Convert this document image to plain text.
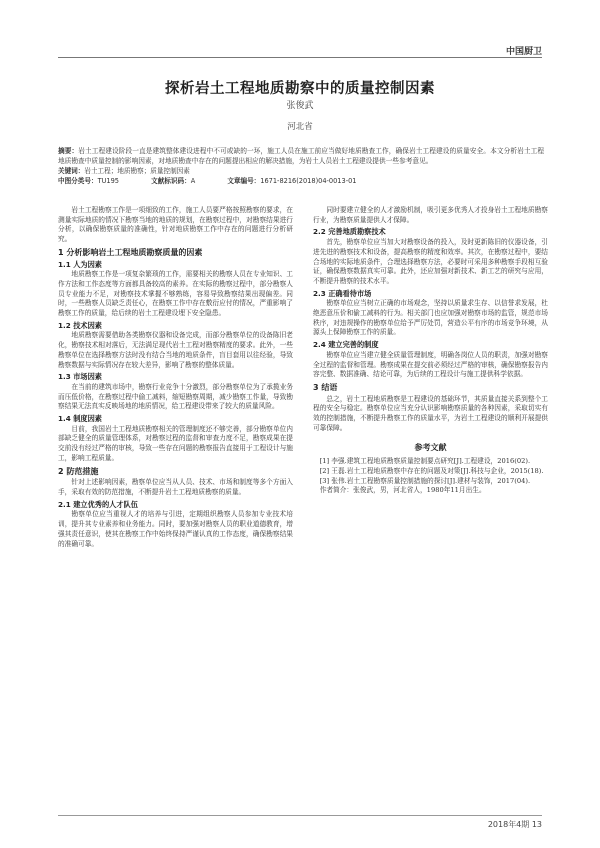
中国厨卫
探析岩土工程地质勘察中的质量控制因素
张俊武
河北省
摘要：岩土工程建设阶段一直是建筑整体建设进程中不可或缺的一环，施工人员在施工前应当做好地质勘查工作，确保岩土工程建设的质量安全。本文分析岩土工程地质勘查中质量控制的影响因素，对地质勘查中存在的问题提出相应的解决措施，为岩土人员岩土工程建设提供一些参考意见。
关键词：岩土工程；地质勘察；质量控制因素
中图分类号：TU195	文献标识码：A	文章编号：1671-8216(2018)04-0013-01

岩土工程勘察工作是一项细致的工作，施工人员要严格按照勘察的要求，在测量实际地质的情况下勘察当地的地质的规划，在勘察过程中，对勘察结果进行分析，以确保勘察质量的准确性，针对地质勘察工作中存在的问题进行分析研究。

1 分析影响岩土工程地质勘察质量的因素
1.1 人为因素

地质勘察工作是一项复杂繁琐的工作，需要相关的勘察人员在专业知识、工作方法和工作态度等方面都具备较高的素养。在实际的勘察过程中，部分勘察人员专业能力不足，对勘察技术掌握不够熟练，容易导致勘察结果出现偏差。同时，一些勘察人员缺乏责任心，在勘察工作中存在敷衍应付的情况，严重影响了勘察工作的质量，给后续的岩土工程建设埋下安全隐患。

1.2 技术因素

地质勘察需要借助各类勘察仪器和设备完成，而部分勘察单位的设备陈旧老化，勘察技术相对落后，无法满足现代岩土工程对勘察精度的要求。此外，一些勘察单位在选择勘察方法时没有结合当地的地质条件，盲目套用以往经验，导致勘察数据与实际情况存在较大差异，影响了勘察的整体质量。

1.3 市场因素

在当前的建筑市场中，勘察行业竞争十分激烈，部分勘察单位为了承揽业务而压低价格，在勘察过程中偷工减料，缩短勘察周期，减少勘察工作量，导致勘察结果无法真实反映场地的地质情况，给工程建设带来了较大的质量风险。

1.4 制度因素

目前，我国岩土工程地质勘察相关的管理制度还不够完善，部分勘察单位内部缺乏健全的质量管理体系，对勘察过程的监督和审查力度不足，勘察成果在提交前没有经过严格的审核，导致一些存在问题的勘察报告直接用于工程设计与施工，影响工程质量。

2 防范措施

针对上述影响因素，勘察单位应当从人员、技术、市场和制度等多个方面入手，采取有效的防范措施，不断提升岩土工程地质勘察的质量。

2.1 建立优秀的人才队伍

勘察单位应当重视人才的培养与引进，定期组织勘察人员参加专业技术培训，提升其专业素养和业务能力。同时，要加强对勘察人员的职业道德教育，增强其责任意识，使其在勘察工作中始终保持严谨认真的工作态度，确保勘察结果的准确可靠。

同时要建立健全的人才激励机制，吸引更多优秀人才投身岩土工程地质勘察行业，为勘察质量提供人才保障。

2.2 完善地质勘察技术

首先，勘察单位应当加大对勘察设备的投入，及时更新陈旧的仪器设备，引进先进的勘察技术和设备，提高勘察的精度和效率。其次，在勘察过程中，要结合场地的实际地质条件，合理选择勘察方法，必要时可采用多种勘察手段相互验证，确保勘察数据真实可靠。此外，还应加强对新技术、新工艺的研究与应用，不断提升勘察的技术水平。

2.3 正确看待市场

勘察单位应当树立正确的市场观念，坚持以质量求生存、以信誉求发展，杜绝恶意压价和偷工减料的行为。相关部门也应加强对勘察市场的监管，规范市场秩序，对违规操作的勘察单位给予严厉处罚，营造公平有序的市场竞争环境，从源头上保障勘察工作的质量。

2.4 建立完善的制度

勘察单位应当建立健全质量管理制度，明确各岗位人员的职责，加强对勘察全过程的监督和管理。勘察成果在提交前必须经过严格的审核，确保勘察报告内容完整、数据准确、结论可靠，为后续的工程设计与施工提供科学依据。

3 结语

总之，岩土工程地质勘察是工程建设的基础环节，其质量直接关系到整个工程的安全与稳定。勘察单位应当充分认识影响勘察质量的各种因素，采取切实有效的控制措施，不断提升勘察工作的质量水平，为岩土工程建设的顺利开展提供可靠保障。

参考文献

[1] 李强.建筑工程地质勘察质量控制要点研究[J].工程建设，2016(02).

[2] 王磊.岩土工程地质勘察中存在的问题及对策[J].科技与企业，2015(18).

[3] 张伟.岩土工程勘察质量控制措施的探讨[J].建材与装饰，2017(04).

作者简介：张俊武，男，河北省人，1980年11月出生。

2018年4期 13
